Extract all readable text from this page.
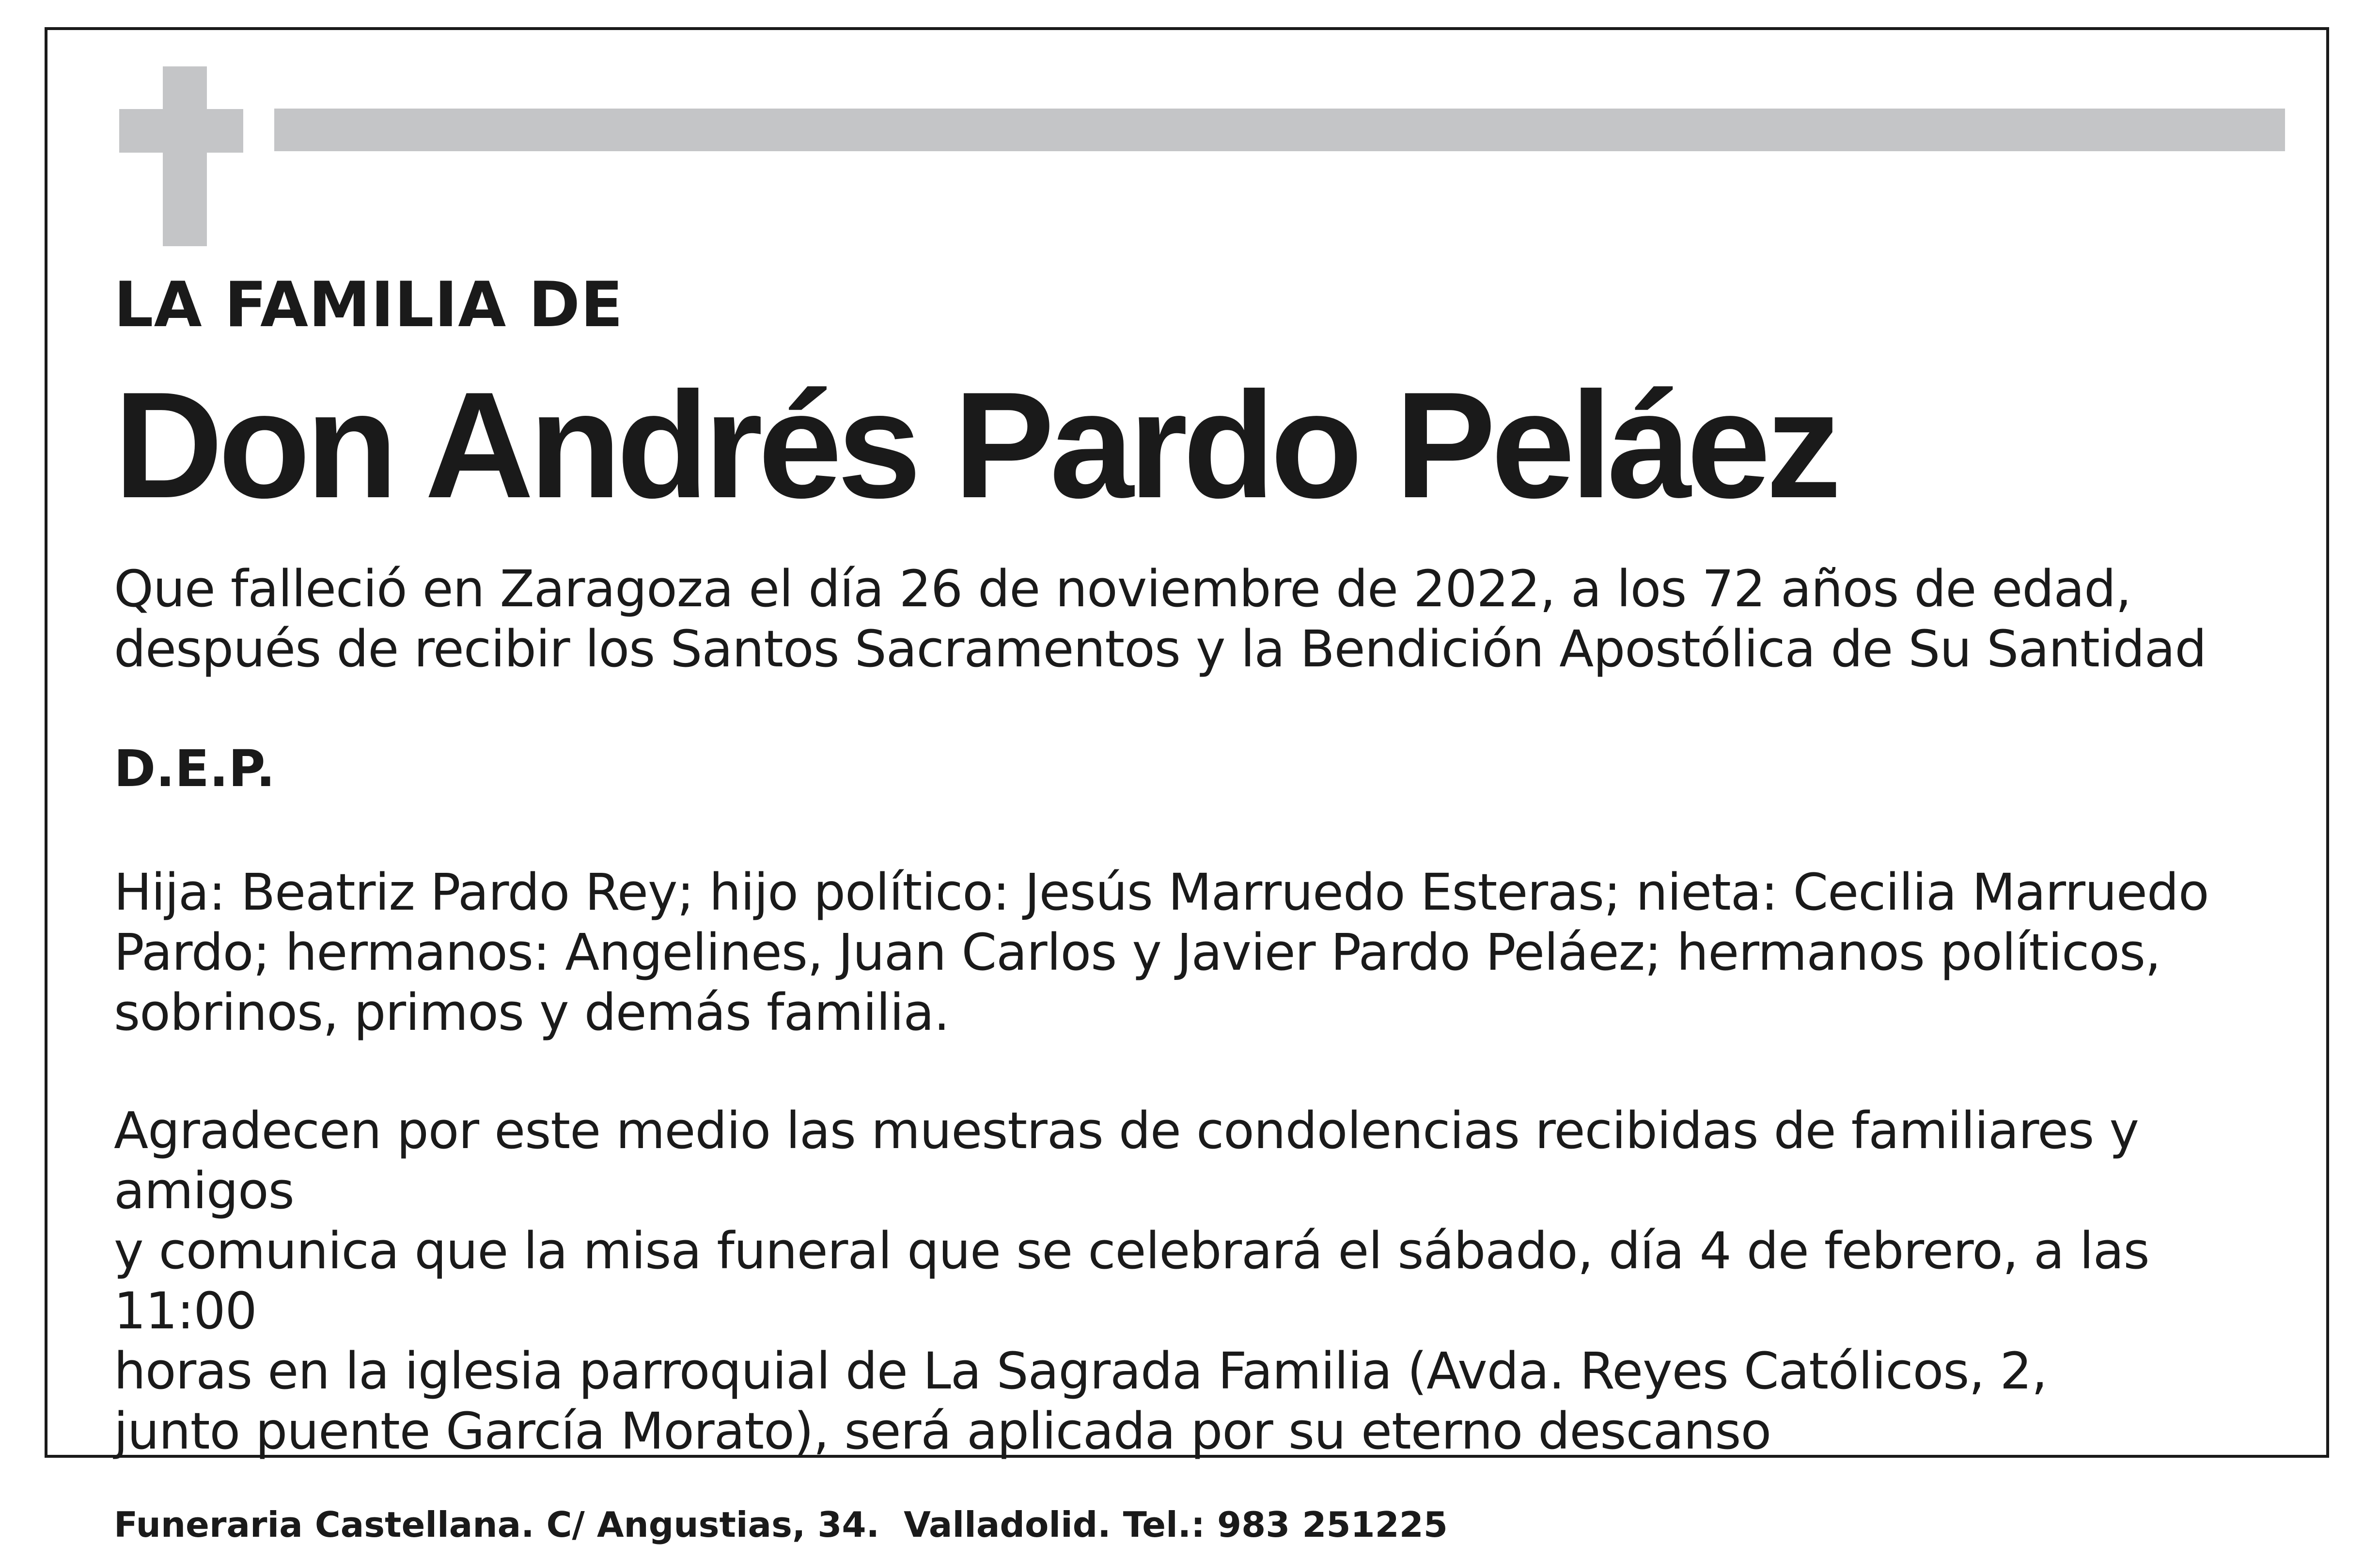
LA FAMILIA DE

Don Andrés Pardo Peláez

Que falleció en Zaragoza el día 26 de noviembre de 2022, a los 72 años de edad,
después de recibir los Santos Sacramentos y la Bendición Apostólica de Su Santidad

D.E.P.

Hija: Beatriz Pardo Rey; hijo político: Jesús Marruedo Esteras; nieta: Cecilia Marruedo
Pardo; hermanos: Angelines, Juan Carlos y Javier Pardo Peláez; hermanos políticos,
sobrinos, primos y demás familia.

Agradecen por este medio las muestras de condolencias recibidas de familiares y amigos
y comunica que la misa funeral que se celebrará el sábado, día 4 de febrero, a las 11:00
horas en la iglesia parroquial de La Sagrada Familia (Avda. Reyes Católicos, 2,
junto puente García Morato), será aplicada por su eterno descanso

Funeraria Castellana. C/ Angustias, 34.  Valladolid. Tel.: 983 251225
